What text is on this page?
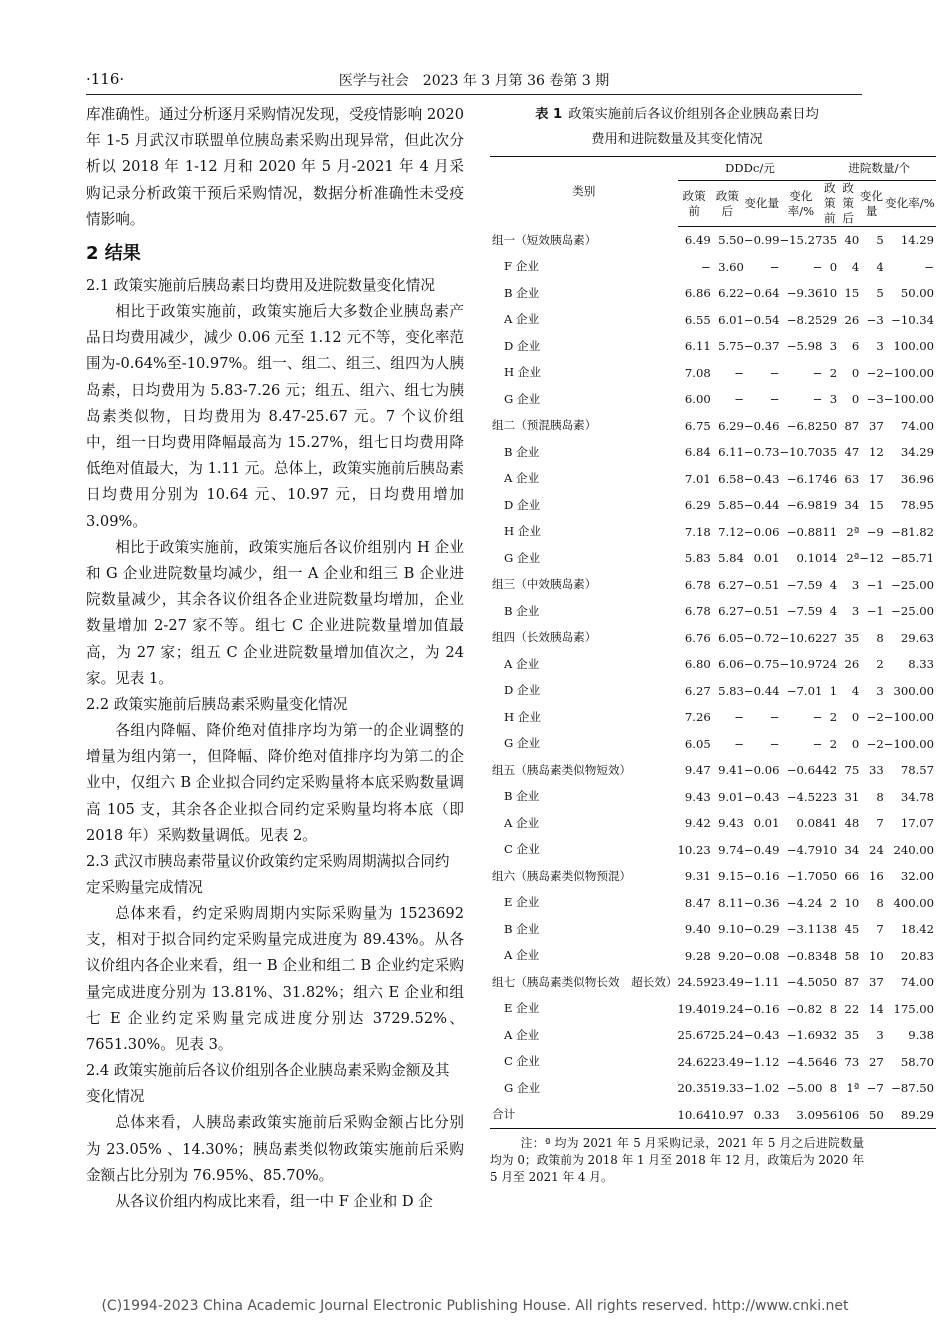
·116·	医学与社会　2023 年 3 月第 36 卷第 3 期

库准确性。通过分析逐月采购情况发现，受疫情影响 2020 年 1-5 月武汉市联盟单位胰岛素采购出现异常，但此次分析以 2018 年 1-12 月和 2020 年 5 月-2021 年 4 月采购记录分析政策干预后采购情况，数据分析准确性未受疫情影响。

2 结果
2.1 政策实施前后胰岛素日均费用及进院数量变化情况

相比于政策实施前，政策实施后大多数企业胰岛素产品日均费用减少，减少 0.06 元至 1.12 元不等，变化率范围为-0.64%至-10.97%。组一、组二、组三、组四为人胰岛素，日均费用为 5.83-7.26 元；组五、组六、组七为胰岛素类似物，日均费用为 8.47-25.67 元。7 个议价组中，组一日均费用降幅最高为 15.27%，组七日均费用降低绝对值最大，为 1.11 元。总体上，政策实施前后胰岛素日均费用分别为 10.64 元、10.97 元，日均费用增加 3.09%。

相比于政策实施前，政策实施后各议价组别内 H 企业和 G 企业进院数量均减少，组一 A 企业和组三 B 企业进院数量减少，其余各议价组各企业进院数量均增加，企业数量增加 2-27 家不等。组七 C 企业进院数量增加值最高，为 27 家；组五 C 企业进院数量增加值次之，为 24 家。见表 1。

2.2 政策实施前后胰岛素采购量变化情况

各组内降幅、降价绝对值排序均为第一的企业调整的增量为组内第一，但降幅、降价绝对值排序均为第二的企业中，仅组六 B 企业拟合同约定采购量将本底采购数量调高 105 支，其余各企业拟合同约定采购量均将本底（即 2018 年）采购数量调低。见表 2。

2.3 武汉市胰岛素带量议价政策约定采购周期满拟合同约定采购量完成情况

总体来看，约定采购周期内实际采购量为 1523692 支，相对于拟合同约定采购量完成进度为 89.43%。从各议价组内各企业来看，组一 B 企业和组二 B 企业约定采购量完成进度分别为 13.81%、31.82%；组六 E 企业和组七 E 企业约定采购量完成进度分别达 3729.52%、7651.30%。见表 3。

2.4 政策实施前后各议价组别各企业胰岛素采购金额及其变化情况

总体来看，人胰岛素政策实施前后采购金额占比分别为 23.05% 、14.30%；胰岛素类似物政策实施前后采购金额占比分别为 76.95%、85.70%。

从各议价组内构成比来看，组一中 F 企业和 D 企

表 1 政策实施前后各议价组别各企业胰岛素日均
费用和进院数量及其变化情况
类别	DDDc/元				进院数量/个			
	政策前	政策后	变化量	变化率/%	政策前	政策后	变化量	变化率/%
组一（短效胰岛素）	6.49	5.50	−0.99	−15.27	35	40	5	14.29
F 企业	−	3.60	−	−	0	4	4	−
B 企业	6.86	6.22	−0.64	−9.36	10	15	5	50.00
A 企业	6.55	6.01	−0.54	−8.25	29	26	−3	−10.34
D 企业	6.11	5.75	−0.37	−5.98	3	6	3	100.00
H 企业	7.08	−	−	−	2	0	−2	−100.00
G 企业	6.00	−	−	−	3	0	−3	−100.00
组二（预混胰岛素）	6.75	6.29	−0.46	−6.82	50	87	37	74.00
B 企业	6.84	6.11	−0.73	−10.70	35	47	12	34.29
A 企业	7.01	6.58	−0.43	−6.17	46	63	17	36.96
D 企业	6.29	5.85	−0.44	−6.98	19	34	15	78.95
H 企业	7.18	7.12	−0.06	−0.88	11	2ª	−9	−81.82
G 企业	5.83	5.84	0.01	0.10	14	2ª	−12	−85.71
组三（中效胰岛素）	6.78	6.27	−0.51	−7.59	4	3	−1	−25.00
B 企业	6.78	6.27	−0.51	−7.59	4	3	−1	−25.00
组四（长效胰岛素）	6.76	6.05	−0.72	−10.62	27	35	8	29.63
A 企业	6.80	6.06	−0.75	−10.97	24	26	2	8.33
D 企业	6.27	5.83	−0.44	−7.01	1	4	3	300.00
H 企业	7.26	−	−	−	2	0	−2	−100.00
G 企业	6.05	−	−	−	2	0	−2	−100.00
组五（胰岛素类似物短效）	9.47	9.41	−0.06	−0.64	42	75	33	78.57
B 企业	9.43	9.01	−0.43	−4.52	23	31	8	34.78
A 企业	9.42	9.43	0.01	0.08	41	48	7	17.07
C 企业	10.23	9.74	−0.49	−4.79	10	34	24	240.00
组六（胰岛素类似物预混）	9.31	9.15	−0.16	−1.70	50	66	16	32.00
E 企业	8.47	8.11	−0.36	−4.24	2	10	8	400.00
B 企业	9.40	9.10	−0.29	−3.11	38	45	7	18.42
A 企业	9.28	9.20	−0.08	−0.83	48	58	10	20.83
组七（胰岛素类似物长效　超长效）	24.59	23.49	−1.11	−4.50	50	87	37	74.00
E 企业	19.40	19.24	−0.16	−0.82	8	22	14	175.00
A 企业	25.67	25.24	−0.43	−1.69	32	35	3	9.38
C 企业	24.62	23.49	−1.12	−4.56	46	73	27	58.70
G 企业	20.35	19.33	−1.02	−5.00	8	1ª	−7	−87.50
合计	10.64	10.97	0.33	3.09	56	106	50	89.29
注：ª 均为 2021 年 5 月采购记录，2021 年 5 月之后进院数量均为 0；政策前为 2018 年 1 月至 2018 年 12 月，政策后为 2020 年 5 月至 2021 年 4 月。
(C)1994-2023 China Academic Journal Electronic Publishing House. All rights reserved. http://www.cnki.net
